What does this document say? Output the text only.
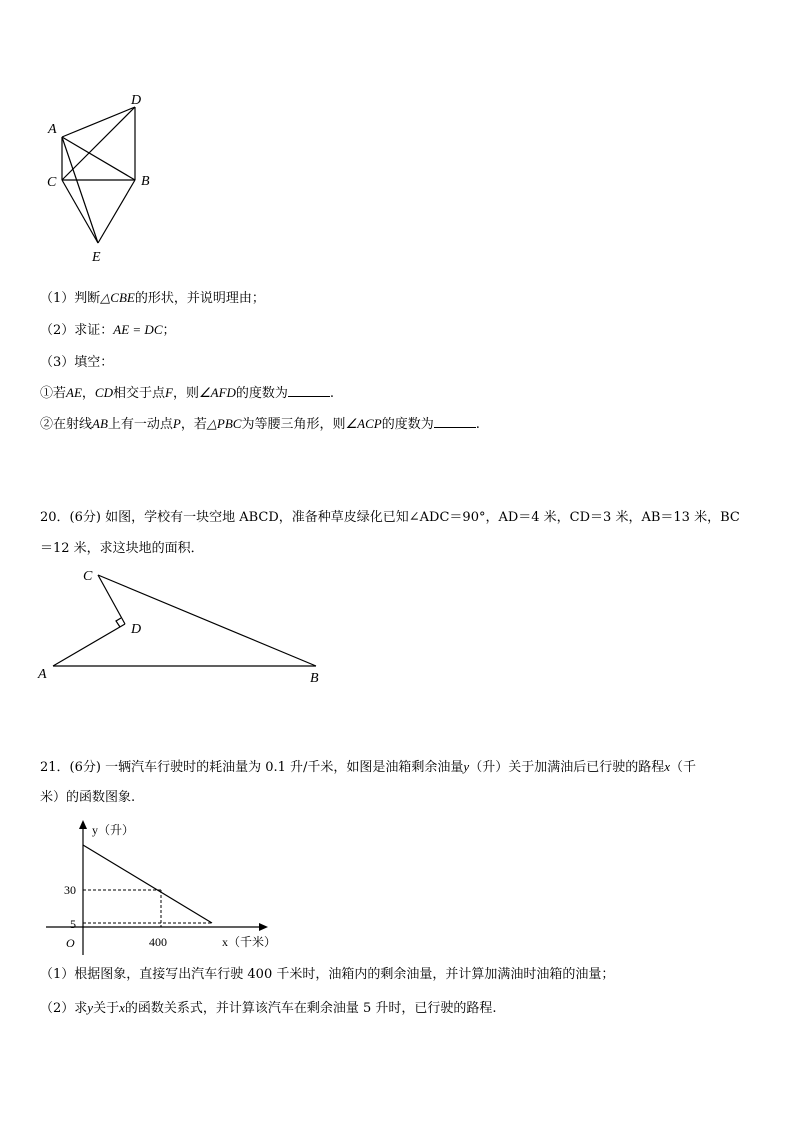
A
D
C	B
E
（1）判断△CBE的形状，并说明理由；
（2）求证：AE = DC；
（3）填空：
①若AE，CD相交于点F，则∠AFD的度数为	.
②在射线AB上有一动点P，若△PBC为等腰三角形，则∠ACP的度数为	.
20．(6分) 如图，学校有一块空地 ABCD，准备种草皮绿化已知∠ADC＝90°，AD＝4 米，CD＝3 米，AB＝13 米，BC
＝12 米，求这块地的面积．
C
D
A	B
21．(6分) 一辆汽车行驶时的耗油量为 0.1 升/千米，如图是油箱剩余油量y（升）关于加满油后已行驶的路程x（千
米）的函数图象.
y（升）
x（千米）
O
30
5
400
（1）根据图象，直接写出汽车行驶 400 千米时，油箱内的剩余油量，并计算加满油时油箱的油量；
（2）求y关于x的函数关系式，并计算该汽车在剩余油量 5 升时，已行驶的路程.
